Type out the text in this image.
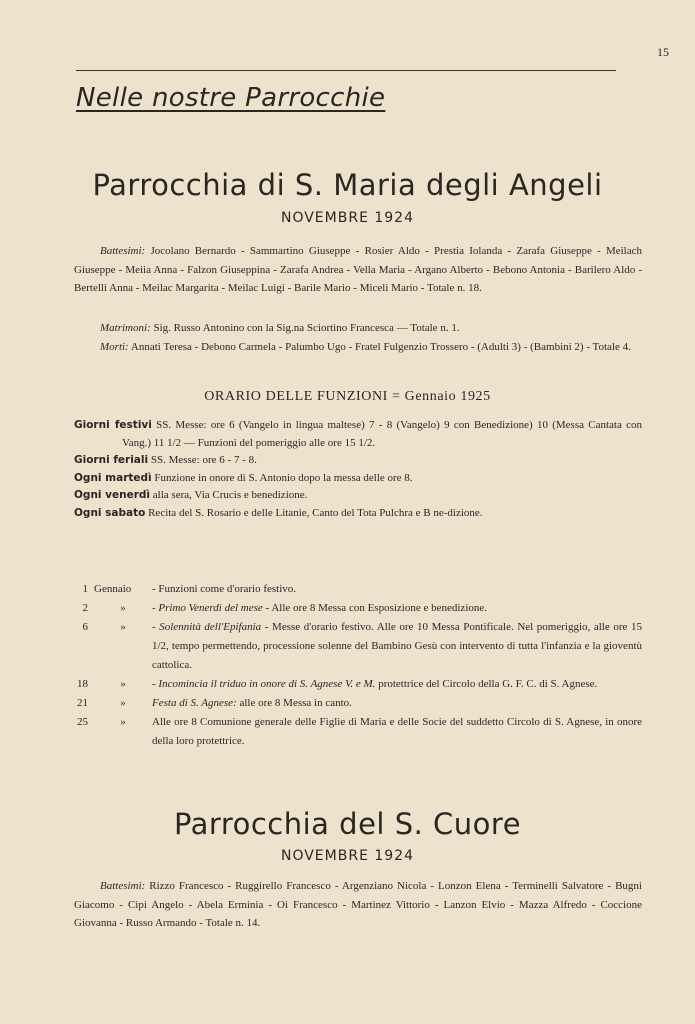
15
Nelle nostre Parrocchie
Parrocchia di S. Maria degli Angeli
NOVEMBRE 1924
Battesimi: Jocolano Bernardo - Sammartino Giuseppe - Rosier Aldo - Prestia Iolanda - Zarafa Giuseppe - Meilach Giuseppe - Meiia Anna - Falzon Giuseppina - Zarafa Andrea - Vella Maria - Argano Alberto - Bebono Antonia - Barilero Aldo - Bertelli Anna - Meilac Margarita - Meilac Luigi - Barile Mario - Miceli Mario - Totale n. 18.
Matrimoni: Sig. Russo Antonino con la Sig.na Sciortino Francesca — Totale n. 1.
Morti: Annati Teresa - Debono Carmela - Palumbo Ugo - Fratel Fulgenzio Trossero - (Adulti 3) - (Bambini 2) - Totale 4.
ORARIO DELLE FUNZIONI = Gennaio 1925
Giorni festivi SS. Messe: ore 6 (Vangelo in lingua maltese) 7 - 8 (Vangelo) 9 con Benedizione) 10 (Messa Cantata con Vang.) 11 1/2 — Funzioni del pomeriggio alle ore 15 1/2.
Giorni feriali SS. Messe: ore 6 - 7 - 8.
Ogni martedì Funzione in onore di S. Antonio dopo la messa delle ore 8.
Ogni venerdì alla sera, Via Crucis e benedizione.
Ogni sabato Recita del S. Rosario e delle Litanie, Canto del Tota Pulchra e B ne-dizione.
1 Gennaio	- Funzioni come d'orario festivo.
2	»	- Primo Venerdì del mese - Alle ore 8 Messa con Esposizione e benedizione.
6	»	- Solennità dell'Epifania - Messe d'orario festivo. Alle ore 10 Messa Pontificale. Nel pomeriggio, alle ore 15 1/2, tempo permettendo, processione solenne del Bambino Gesù con intervento di tutta l'infanzia e la gioventù cattolica.
18	»	- Incomincia il triduo in onore di S. Agnese V. e M. protettrice del Circolo della G. F. C. di S. Agnese.
21	»	Festa di S. Agnese: alle ore 8 Messa in canto.
25	»	Alle ore 8 Comunione generale delle Figlie di Maria e delle Socie del suddetto Circolo di S. Agnese, in onore della loro protettrice.
Parrocchia del S. Cuore
NOVEMBRE 1924
Battesimi: Rizzo Francesco - Ruggirello Francesco - Argenziano Nicola - Lonzon Elena - Terminelli Salvatore - Bugni Giacomo - Cipi Angelo - Abela Erminia - Oi Francesco - Martinez Vittorio - Lanzon Elvio - Mazza Alfredo - Coccione Giovanna - Russo Armando - Totale n. 14.
